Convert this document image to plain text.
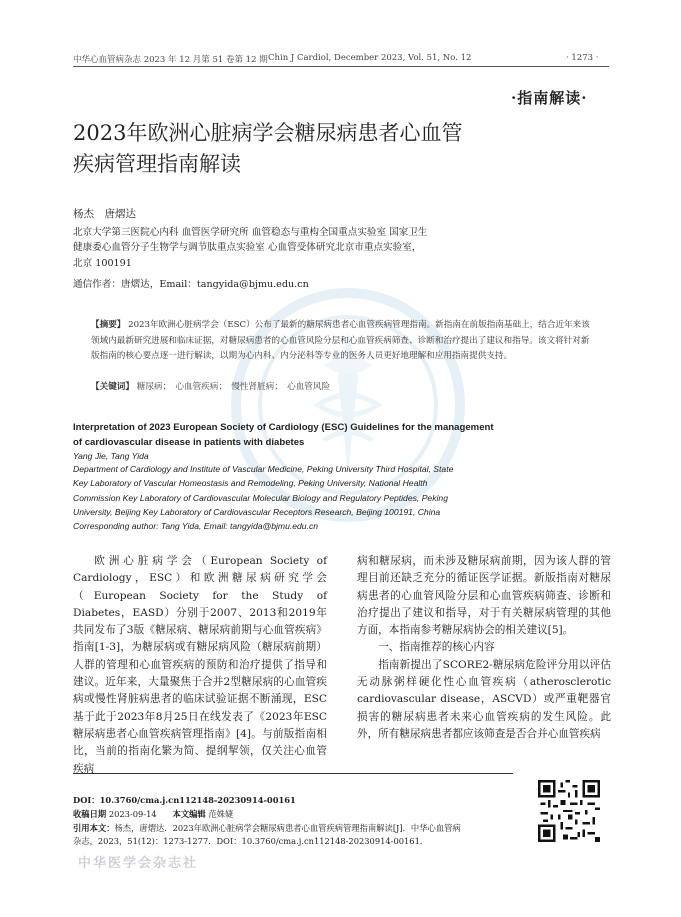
中华心血管病杂志 2023 年 12 月第 51 卷第 12 期 Chin J Cardiol, December 2023, Vol. 51, No. 12	· 1273 ·
·指南解读·
2023年欧洲心脏病学会糖尿病患者心血管
疾病管理指南解读
杨杰　唐熠达
北京大学第三医院心内科 血管医学研究所 血管稳态与重构全国重点实验室 国家卫生
健康委心血管分子生物学与调节肽重点实验室 心血管受体研究北京市重点实验室，
北京 100191
通信作者：唐熠达，Email：tangyida@bjmu.edu.cn
【摘要】 2023年欧洲心脏病学会（ESC）公布了最新的糖尿病患者心血管疾病管理指南。新指南在前版指南基础上，结合近年来该领域内最新研究进展和临床证据，对糖尿病患者的心血管风险分层和心血管疾病筛查、诊断和治疗提出了建议和指导。该文将针对新版指南的核心要点逐一进行解读，以期为心内科、内分泌科等专业的医务人员更好地理解和应用指南提供支持。
【关键词】 糖尿病；　心血管疾病；　慢性肾脏病；　心血管风险
Interpretation of 2023 European Society of Cardiology (ESC) Guidelines for the management
of cardiovascular disease in patients with diabetes
Yang Jie, Tang Yida
Department of Cardiology and Institute of Vascular Medicine, Peking University Third Hospital, State
Key Laboratory of Vascular Homeostasis and Remodeling, Peking University, National Health
Commission Key Laboratory of Cardiovascular Molecular Biology and Regulatory Peptides, Peking
University, Beijing Key Laboratory of Cardiovascular Receptors Research, Beijing 100191, China
Corresponding author: Tang Yida, Email: tangyida@bjmu.edu.cn

欧洲心脏病学会（European Society of Cardiology，ESC）和欧洲糖尿病研究学会（European Society for the Study of Diabetes，EASD）分别于2007、2013和2019年共同发布了3版《糖尿病、糖尿病前期与心血管疾病》指南[1-3]，为糖尿病或有糖尿病风险（糖尿病前期）人群的管理和心血管疾病的预防和治疗提供了指导和建议。近年来，大量聚焦于合并2型糖尿病的心血管疾病或慢性肾脏病患者的临床试验证据不断涌现，ESC基于此于2023年8月25日在线发表了《2023年ESC糖尿病患者心血管疾病管理指南》[4]。与前版指南相比，当前的指南化繁为简、提纲挈领，仅关注心血管疾病

病和糖尿病，而未涉及糖尿病前期，因为该人群的管理目前还缺乏充分的循证医学证据。新版指南对糖尿病患者的心血管风险分层和心血管疾病筛查、诊断和治疗提出了建议和指导，对于有关糖尿病管理的其他方面，本指南参考糖尿病协会的相关建议[5]。

一、指南推荐的核心内容

指南新提出了SCORE2-糖尿病危险评分用以评估无动脉粥样硬化性心血管疾病（atherosclerotic cardiovascular disease，ASCVD）或严重靶器官损害的糖尿病患者未来心血管疾病的发生风险。此外，所有糖尿病患者都应该筛查是否合并心血管疾病

DOI：10.3760/cma.j.cn112148-20230914-00161
收稿日期 2023-09-14 本文编辑 范姝婕
引用本文：杨杰，唐熠达．2023年欧洲心脏病学会糖尿病患者心血管疾病管理指南解读[J]．中华心血管病
杂志，2023，51(12)：1273-1277．DOI：10.3760/cma.j.cn112148-20230914-00161．
中华医学会杂志社
